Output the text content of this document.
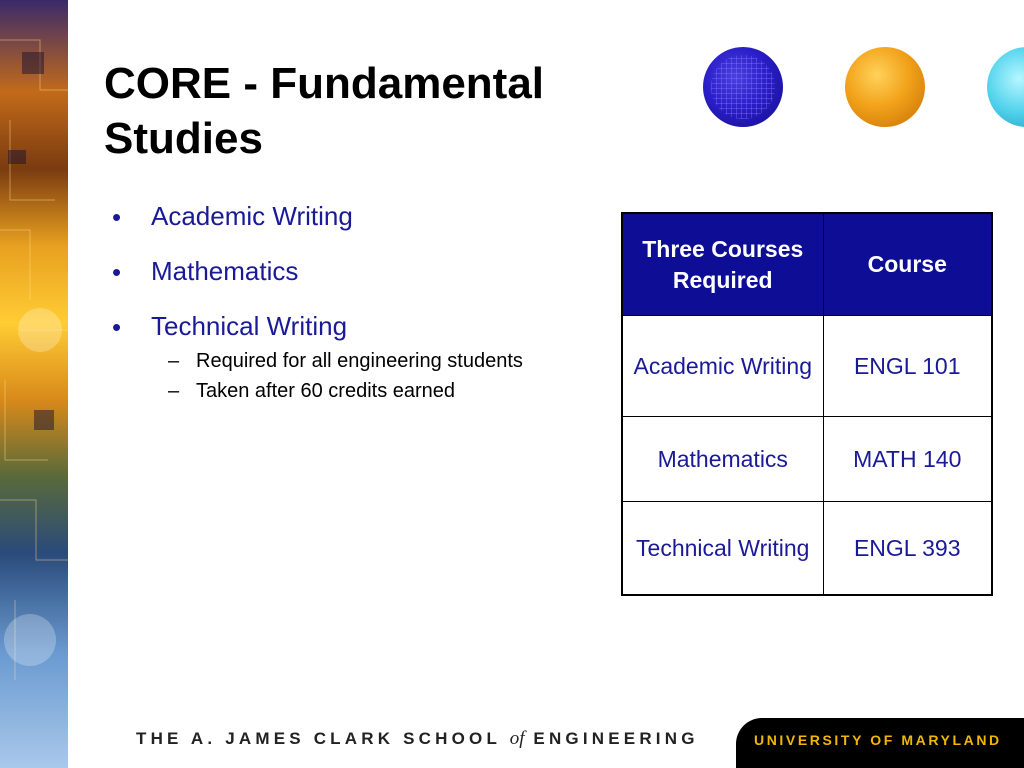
CORE - Fundamental Studies
• Academic Writing
• Mathematics
• Technical Writing
– Required for all engineering students
– Taken after 60 credits earned
Three Courses Required	Course
Academic Writing	ENGL 101
Mathematics	MATH 140
Technical Writing	ENGL 393
THE A. JAMES CLARK SCHOOL of ENGINEERING	UNIVERSITY OF MARYLAND
